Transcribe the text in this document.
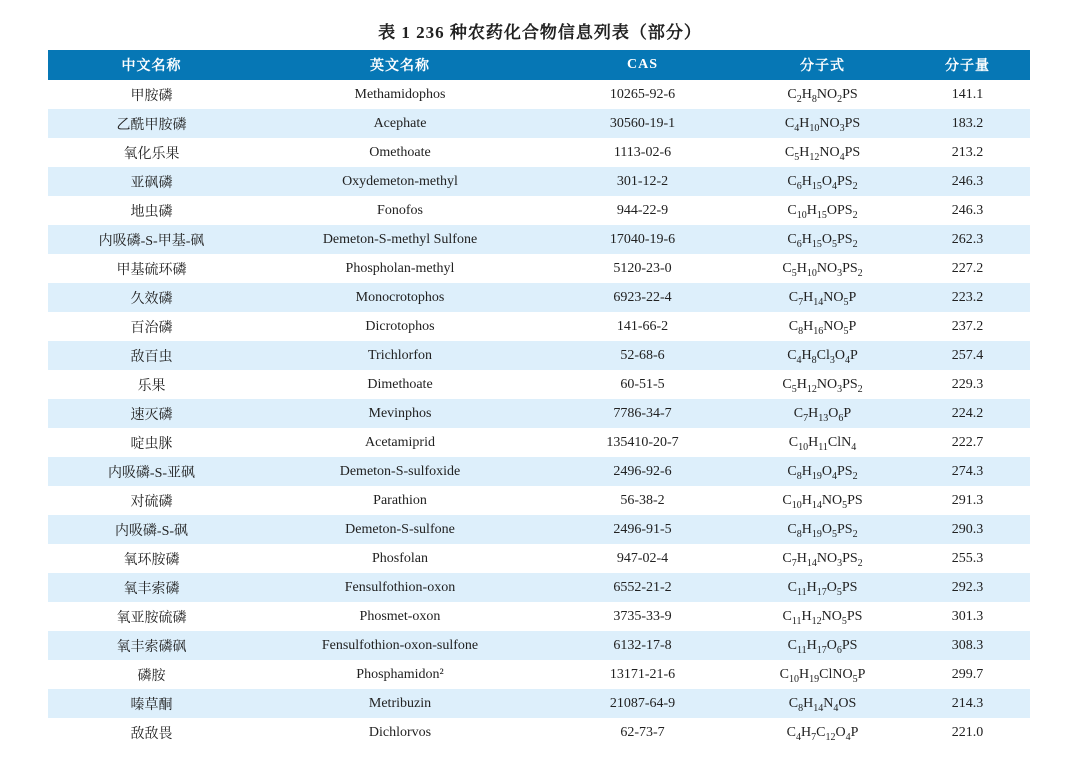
表 1 236 种农药化合物信息列表（部分）
中文名称	英文名称	CAS	分子式	分子量
甲胺磷	Methamidophos	10265-92-6	$C_2H_8NO_2PS$	141.1
乙酰甲胺磷	Acephate	30560-19-1	$C_4H_{10}NO_3PS$	183.2
氧化乐果	Omethoate	1113-02-6	$C_5H_{12}NO_4PS$	213.2
亚砜磷	Oxydemeton-methyl	301-12-2	$C_6H_{15}O_4PS_2$	246.3
地虫磷	Fonofos	944-22-9	$C_{10}H_{15}OPS_2$	246.3
内吸磷-S-甲基-砜	Demeton-S-methyl Sulfone	17040-19-6	$C_6H_{15}O_5PS_2$	262.3
甲基硫环磷	Phospholan-methyl	5120-23-0	$C_5H_{10}NO_3PS_2$	227.2
久效磷	Monocrotophos	6923-22-4	$C_7H_{14}NO_5P$	223.2
百治磷	Dicrotophos	141-66-2	$C_8H_{16}NO_5P$	237.2
敌百虫	Trichlorfon	52-68-6	$C_4H_8Cl_3O_4P$	257.4
乐果	Dimethoate	60-51-5	$C_5H_{12}NO_3PS_2$	229.3
速灭磷	Mevinphos	7786-34-7	$C_7H_{13}O_6P$	224.2
啶虫脒	Acetamiprid	135410-20-7	$C_{10}H_{11}ClN_4$	222.7
内吸磷-S-亚砜	Demeton-S-sulfoxide	2496-92-6	$C_8H_{19}O_4PS_2$	274.3
对硫磷	Parathion	56-38-2	$C_{10}H_{14}NO_5PS$	291.3
内吸磷-S-砜	Demeton-S-sulfone	2496-91-5	$C_8H_{19}O_5PS_2$	290.3
氧环胺磷	Phosfolan	947-02-4	$C_7H_{14}NO_3PS_2$	255.3
氧丰索磷	Fensulfothion-oxon	6552-21-2	$C_{11}H_{17}O_5PS$	292.3
氧亚胺硫磷	Phosmet-oxon	3735-33-9	$C_{11}H_{12}NO_5PS$	301.3
氧丰索磷砜	Fensulfothion-oxon-sulfone	6132-17-8	$C_{11}H_{17}O_6PS$	308.3
磷胺	Phosphamidon²	13171-21-6	$C_{10}H_{19}ClNO_5P$	299.7
嗪草酮	Metribuzin	21087-64-9	$C_8H_{14}N_4OS$	214.3
敌敌畏	Dichlorvos	62-73-7	$C_4H_7C_{12}O_4P$	221.0
